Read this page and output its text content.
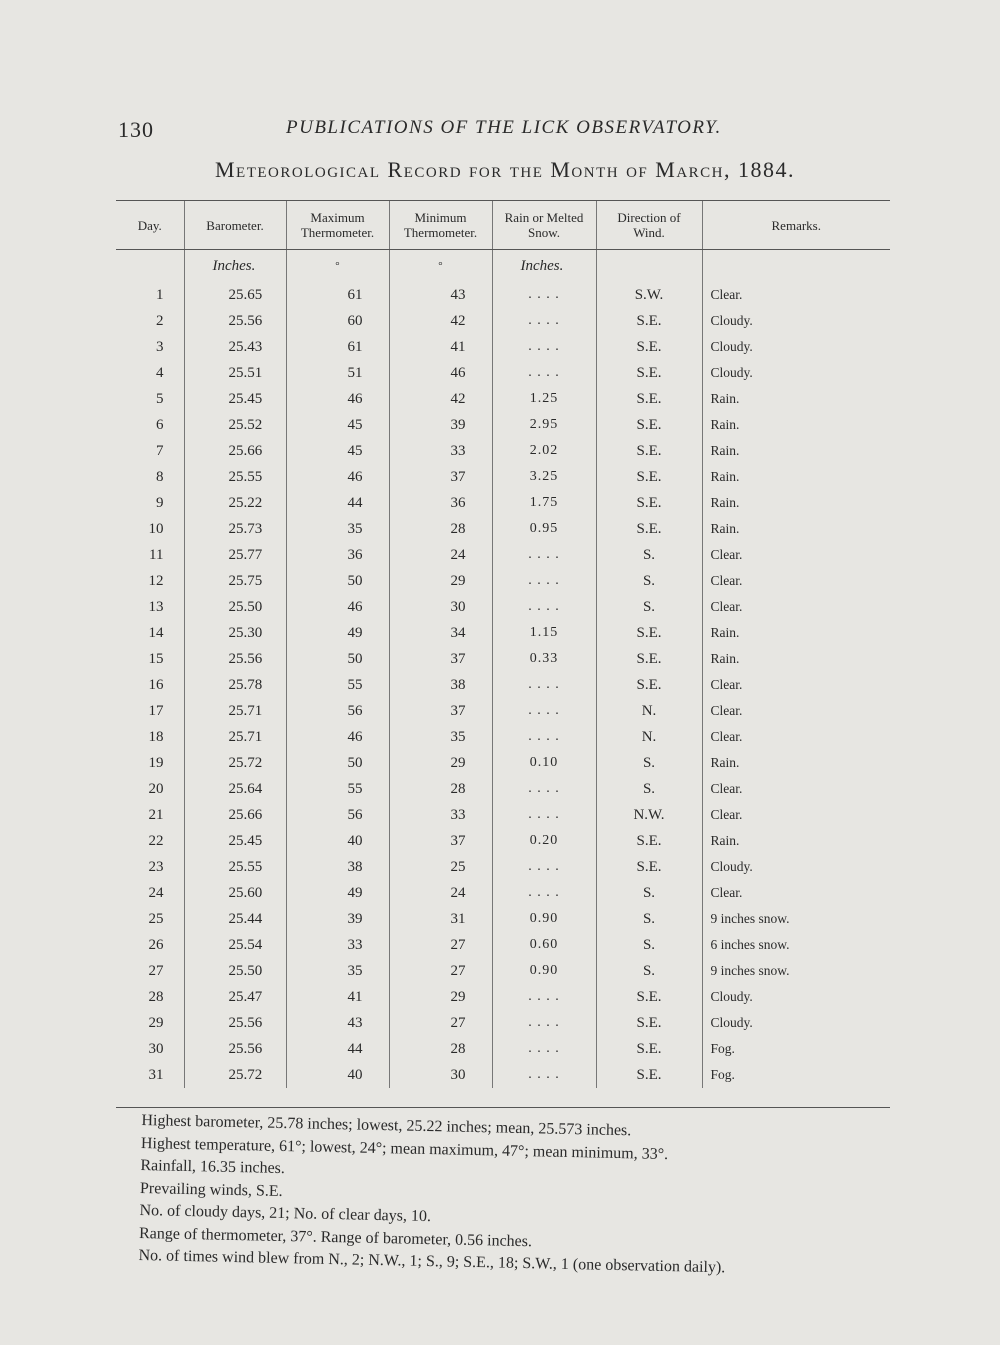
130	PUBLICATIONS OF THE LICK OBSERVATORY.
Meteorological Record for the Month of March, 1884.
Day.	Barometer.	Maximum Thermometer.	Minimum Thermometer.	Rain or Melted Snow.	Direction of Wind.	Remarks.
	Inches.	°	°	Inches.		
1	25.65	61	43	. . . .	S.W.	Clear.
2	25.56	60	42	. . . .	S.E.	Cloudy.
3	25.43	61	41	. . . .	S.E.	Cloudy.
4	25.51	51	46	. . . .	S.E.	Cloudy.
5	25.45	46	42	1.25	S.E.	Rain.
6	25.52	45	39	2.95	S.E.	Rain.
7	25.66	45	33	2.02	S.E.	Rain.
8	25.55	46	37	3.25	S.E.	Rain.
9	25.22	44	36	1.75	S.E.	Rain.
10	25.73	35	28	0.95	S.E.	Rain.
11	25.77	36	24	. . . .	S.	Clear.
12	25.75	50	29	. . . .	S.	Clear.
13	25.50	46	30	. . . .	S.	Clear.
14	25.30	49	34	1.15	S.E.	Rain.
15	25.56	50	37	0.33	S.E.	Rain.
16	25.78	55	38	. . . .	S.E.	Clear.
17	25.71	56	37	. . . .	N.	Clear.
18	25.71	46	35	. . . .	N.	Clear.
19	25.72	50	29	0.10	S.	Rain.
20	25.64	55	28	. . . .	S.	Clear.
21	25.66	56	33	. . . .	N.W.	Clear.
22	25.45	40	37	0.20	S.E.	Rain.
23	25.55	38	25	. . . .	S.E.	Cloudy.
24	25.60	49	24	. . . .	S.	Clear.
25	25.44	39	31	0.90	S.	9 inches snow.
26	25.54	33	27	0.60	S.	6 inches snow.
27	25.50	35	27	0.90	S.	9 inches snow.
28	25.47	41	29	. . . .	S.E.	Cloudy.
29	25.56	43	27	. . . .	S.E.	Cloudy.
30	25.56	44	28	. . . .	S.E.	Fog.
31	25.72	40	30	. . . .	S.E.	Fog.

Highest barometer, 25.78 inches; lowest, 25.22 inches; mean, 25.573 inches.

Highest temperature, 61°; lowest, 24°; mean maximum, 47°; mean minimum, 33°.

Rainfall, 16.35 inches.

Prevailing winds, S.E.

No. of cloudy days, 21; No. of clear days, 10.

Range of thermometer, 37°. Range of barometer, 0.56 inches.

No. of times wind blew from N., 2; N.W., 1; S., 9; S.E., 18; S.W., 1 (one observation daily).
